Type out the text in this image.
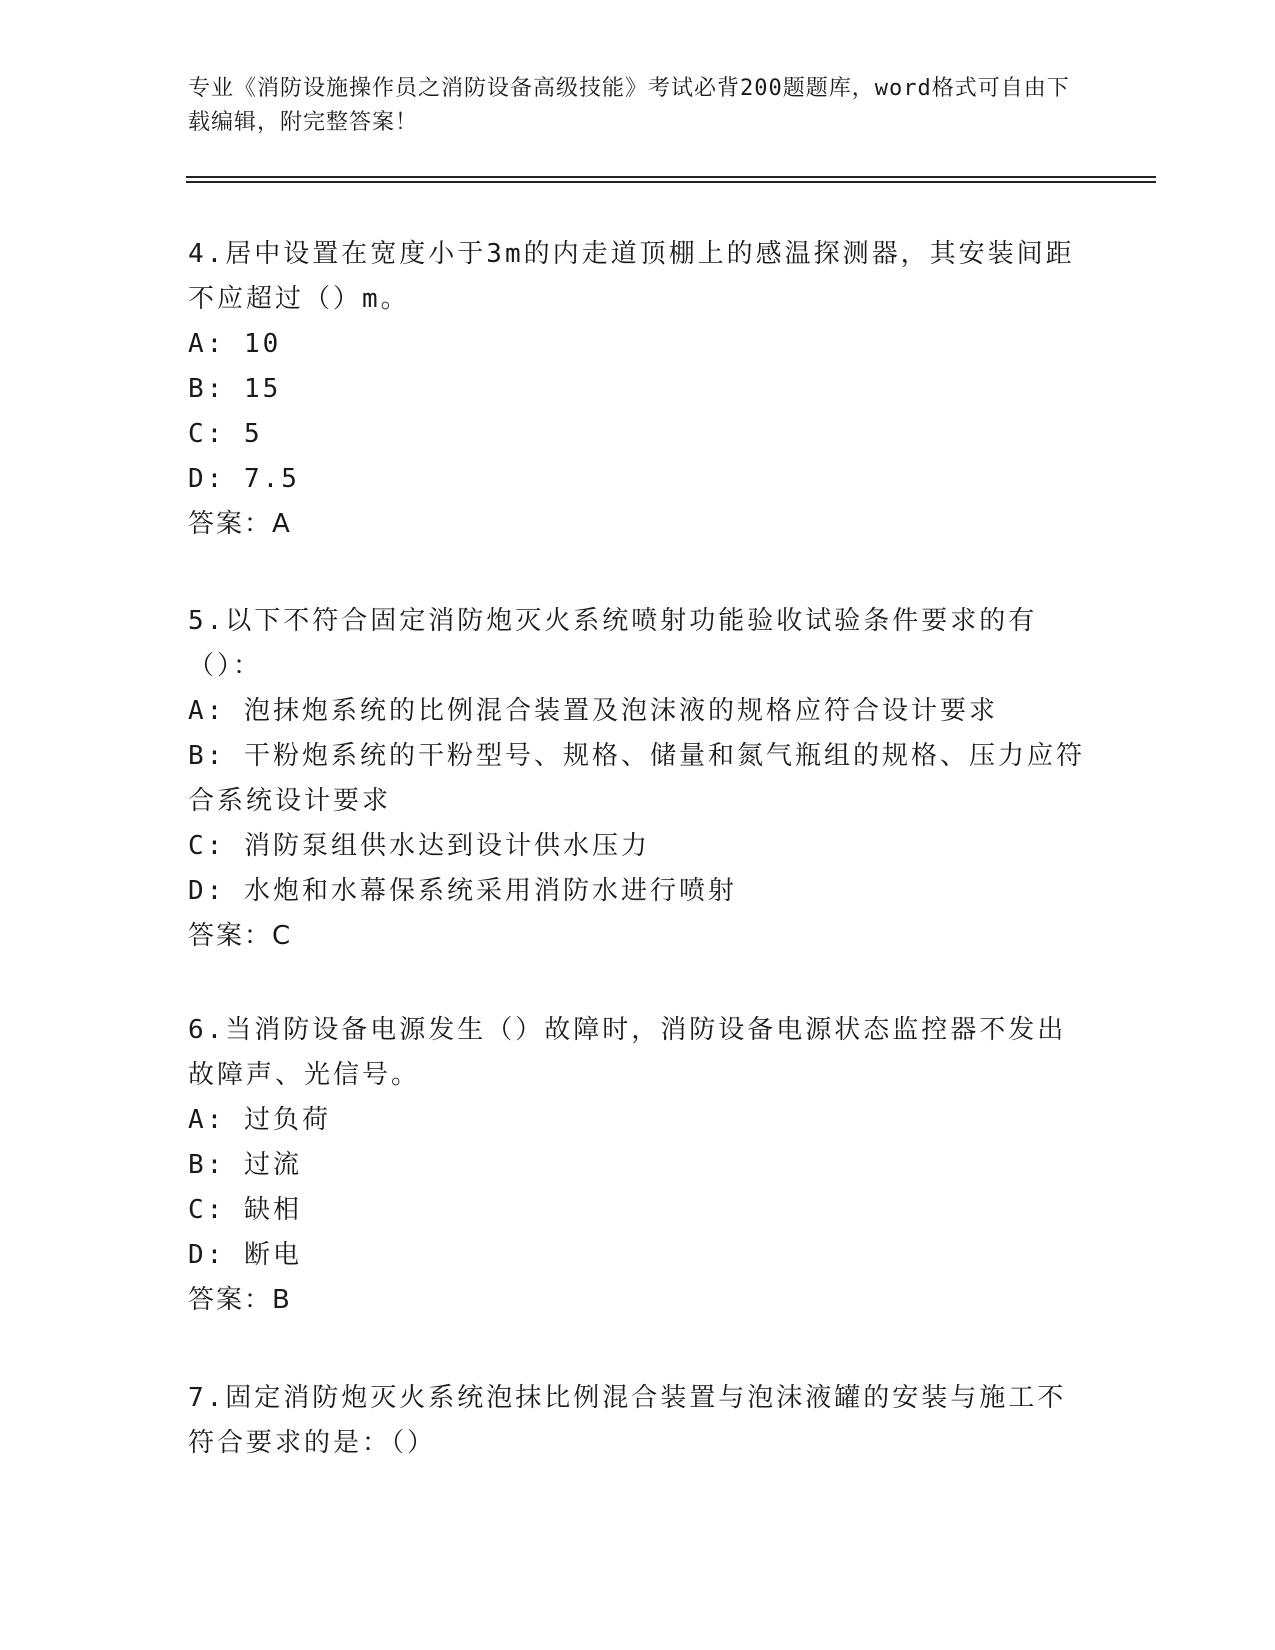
专业《消防设施操作员之消防设备高级技能》考试必背200题题库，word格式可自由下载编辑，附完整答案！
4.居中设置在宽度小于3m的内走道顶棚上的感温探测器，其安装间距不应超过（）m。
A: 10
B: 15
C: 5
D: 7.5
答案：A
5.以下不符合固定消防炮灭火系统喷射功能验收试验条件要求的有（）：
A: 泡抹炮系统的比例混合装置及泡沫液的规格应符合设计要求
B: 干粉炮系统的干粉型号、规格、储量和氮气瓶组的规格、压力应符合系统设计要求
C: 消防泵组供水达到设计供水压力
D: 水炮和水幕保系统采用消防水进行喷射
答案：C
6.当消防设备电源发生（）故障时，消防设备电源状态监控器不发出故障声、光信号。
A: 过负荷
B: 过流
C: 缺相
D: 断电
答案：B
7.固定消防炮灭火系统泡抹比例混合装置与泡沫液罐的安装与施工不符合要求的是：（）
